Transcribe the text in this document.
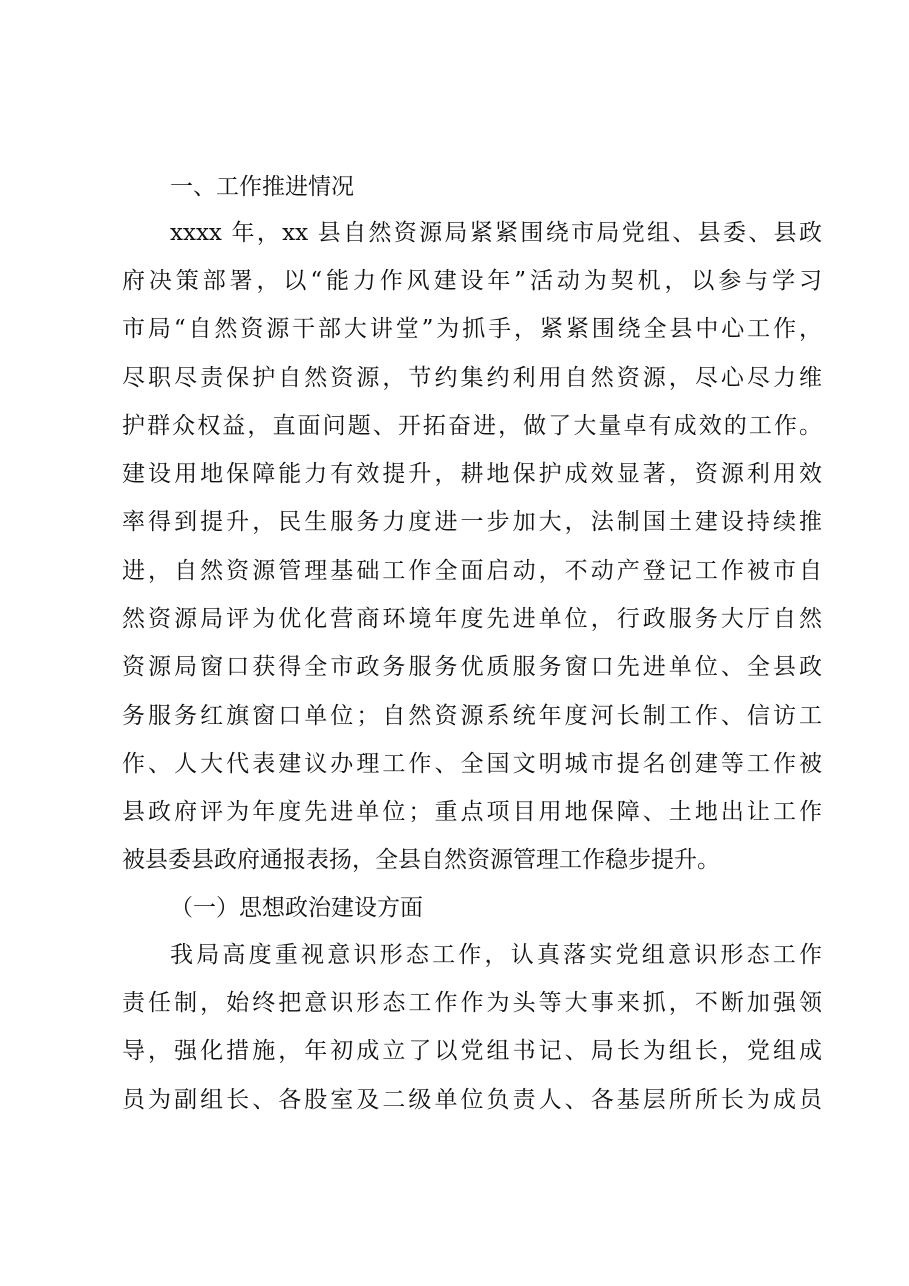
一、工作推进情况

xxxx 年，xx 县自然资源局紧紧围绕市局党组、县委、县政

府决策部署，以“能力作风建设年”活动为契机，以参与学习

市局“自然资源干部大讲堂”为抓手，紧紧围绕全县中心工作，

尽职尽责保护自然资源，节约集约利用自然资源，尽心尽力维

护群众权益，直面问题、开拓奋进，做了大量卓有成效的工作。

建设用地保障能力有效提升，耕地保护成效显著，资源利用效

率得到提升，民生服务力度进一步加大，法制国土建设持续推

进，自然资源管理基础工作全面启动，不动产登记工作被市自

然资源局评为优化营商环境年度先进单位，行政服务大厅自然

资源局窗口获得全市政务服务优质服务窗口先进单位、全县政

务服务红旗窗口单位；自然资源系统年度河长制工作、信访工

作、人大代表建议办理工作、全国文明城市提名创建等工作被

县政府评为年度先进单位；重点项目用地保障、土地出让工作

被县委县政府通报表扬，全县自然资源管理工作稳步提升。

（一）思想政治建设方面

我局高度重视意识形态工作，认真落实党组意识形态工作

责任制，始终把意识形态工作作为头等大事来抓，不断加强领

导，强化措施，年初成立了以党组书记、局长为组长，党组成

员为副组长、各股室及二级单位负责人、各基层所所长为成员
